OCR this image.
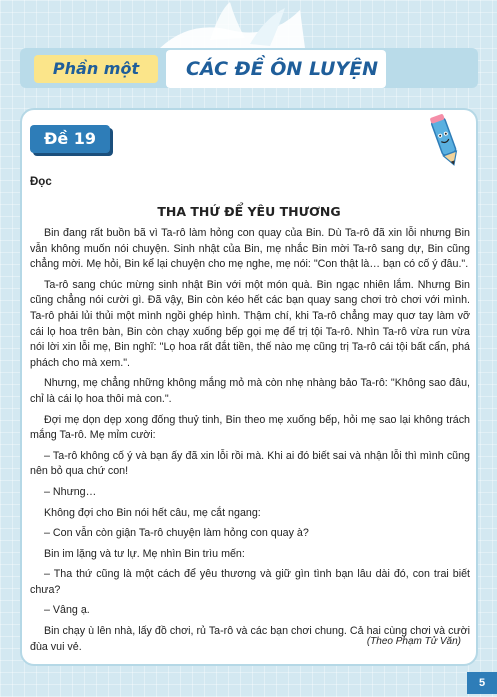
Phần một	CÁC ĐỀ ÔN LUYỆN
Đề 19
Đọc
THA THỨ ĐỂ YÊU THƯƠNG

Bin đang rất buồn bã vì Ta-rô làm hỏng con quay của Bin. Dù Ta-rô đã xin lỗi nhưng Bin vẫn không muốn nói chuyện. Sinh nhật của Bin, mẹ nhắc Bin mời Ta-rô sang dự, Bin cũng chẳng mời. Mẹ hỏi, Bin kể lại chuyện cho mẹ nghe, mẹ nói: "Con thật là… bạn có cố ý đâu.".

Ta-rô sang chúc mừng sinh nhật Bin với một món quà. Bin ngạc nhiên lắm. Nhưng Bin cũng chẳng nói cười gì. Đã vậy, Bin còn kéo hết các bạn quay sang chơi trò chơi với mình. Ta-rô phải lủi thủi một mình ngồi ghép hình. Thậm chí, khi Ta-rô chẳng may quơ tay làm vỡ cái lọ hoa trên bàn, Bin còn chạy xuống bếp gọi mẹ để trị tội Ta-rô. Nhìn Ta-rô vừa run vừa nói lời xin lỗi mẹ, Bin nghĩ: "Lọ hoa rất đắt tiền, thế nào mẹ cũng trị Ta-rô cái tội bất cẩn, phá phách cho mà xem.".

Nhưng, mẹ chẳng những không mắng mỏ mà còn nhẹ nhàng bảo Ta-rô: "Không sao đâu, chỉ là cái lọ hoa thôi mà con.".

Đợi mẹ dọn dẹp xong đống thuỷ tinh, Bin theo mẹ xuống bếp, hỏi mẹ sao lại không trách mắng Ta-rô. Mẹ mỉm cười:

– Ta-rô không cố ý và bạn ấy đã xin lỗi rồi mà. Khi ai đó biết sai và nhận lỗi thì mình cũng nên bỏ qua chứ con!

– Nhưng…

Không đợi cho Bin nói hết câu, mẹ cắt ngang:

– Con vẫn còn giận Ta-rô chuyện làm hỏng con quay à?

Bin im lặng và tư lự. Mẹ nhìn Bin trìu mến:

– Tha thứ cũng là một cách để yêu thương và giữ gìn tình bạn lâu dài đó, con trai biết chưa?

– Vâng ạ.

Bin chạy ù lên nhà, lấy đồ chơi, rủ Ta-rô và các bạn chơi chung. Cả hai cùng chơi và cười đùa vui vẻ.	(Theo Phạm Tử Văn)
5
